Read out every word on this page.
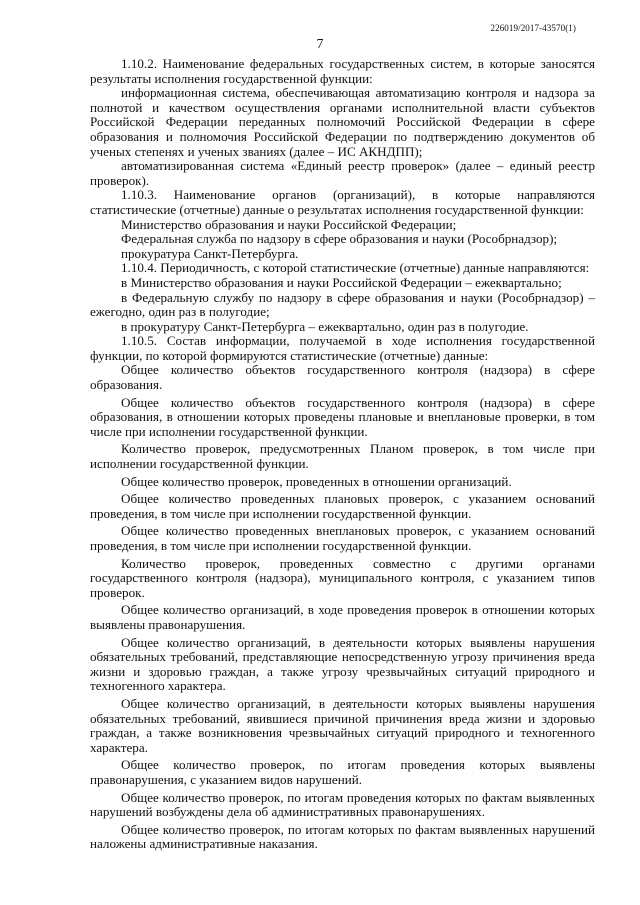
226019/2017-43570(1)
7

1.10.2. Наименование федеральных государственных систем, в которые заносятся результаты исполнения государственной функции:

информационная система, обеспечивающая автоматизацию контроля и надзора за полнотой и качеством осуществления органами исполнительной власти субъектов Российской Федерации переданных полномочий Российской Федерации в сфере образования и полномочия Российской Федерации по подтверждению документов об ученых степенях и ученых званиях (далее – ИС АКНДПП);

автоматизированная система «Единый реестр проверок» (далее – единый реестр проверок).

1.10.3. Наименование органов (организаций), в которые направляются статистические (отчетные) данные о результатах исполнения государственной функции:

Министерство образования и науки Российской Федерации;

Федеральная служба по надзору в сфере образования и науки (Рособрнадзор);

прокуратура Санкт-Петербурга.

1.10.4. Периодичность, с которой статистические (отчетные) данные направляются:

в Министерство образования и науки Российской Федерации – ежеквартально;

в Федеральную службу по надзору в сфере образования и науки (Рособрнадзор) – ежегодно, один раз в полугодие;

в прокуратуру Санкт-Петербурга – ежеквартально, один раз в полугодие.

1.10.5. Состав информации, получаемой в ходе исполнения государственной функции, по которой формируются статистические (отчетные) данные:

Общее количество объектов государственного контроля (надзора) в сфере образования.

Общее количество объектов государственного контроля (надзора) в сфере образования, в отношении которых проведены плановые и внеплановые проверки, в том числе при исполнении государственной функции.

Количество проверок, предусмотренных Планом проверок, в том числе при исполнении государственной функции.

Общее количество проверок, проведенных в отношении организаций.

Общее количество проведенных плановых проверок, с указанием оснований проведения, в том числе при исполнении государственной функции.

Общее количество проведенных внеплановых проверок, с указанием оснований проведения, в том числе при исполнении государственной функции.

Количество проверок, проведенных совместно с другими органами государственного контроля (надзора), муниципального контроля, с указанием типов проверок.

Общее количество организаций, в ходе проведения проверок в отношении которых выявлены правонарушения.

Общее количество организаций, в деятельности которых выявлены нарушения обязательных требований, представляющие непосредственную угрозу причинения вреда жизни и здоровью граждан, а также угрозу чрезвычайных ситуаций природного и техногенного характера.

Общее количество организаций, в деятельности которых выявлены нарушения обязательных требований, явившиеся причиной причинения вреда жизни и здоровью граждан, а также возникновения чрезвычайных ситуаций природного и техногенного характера.

Общее количество проверок, по итогам проведения которых выявлены правонарушения, с указанием видов нарушений.

Общее количество проверок, по итогам проведения которых по фактам выявленных нарушений возбуждены дела об административных правонарушениях.

Общее количество проверок, по итогам которых по фактам выявленных нарушений наложены административные наказания.
